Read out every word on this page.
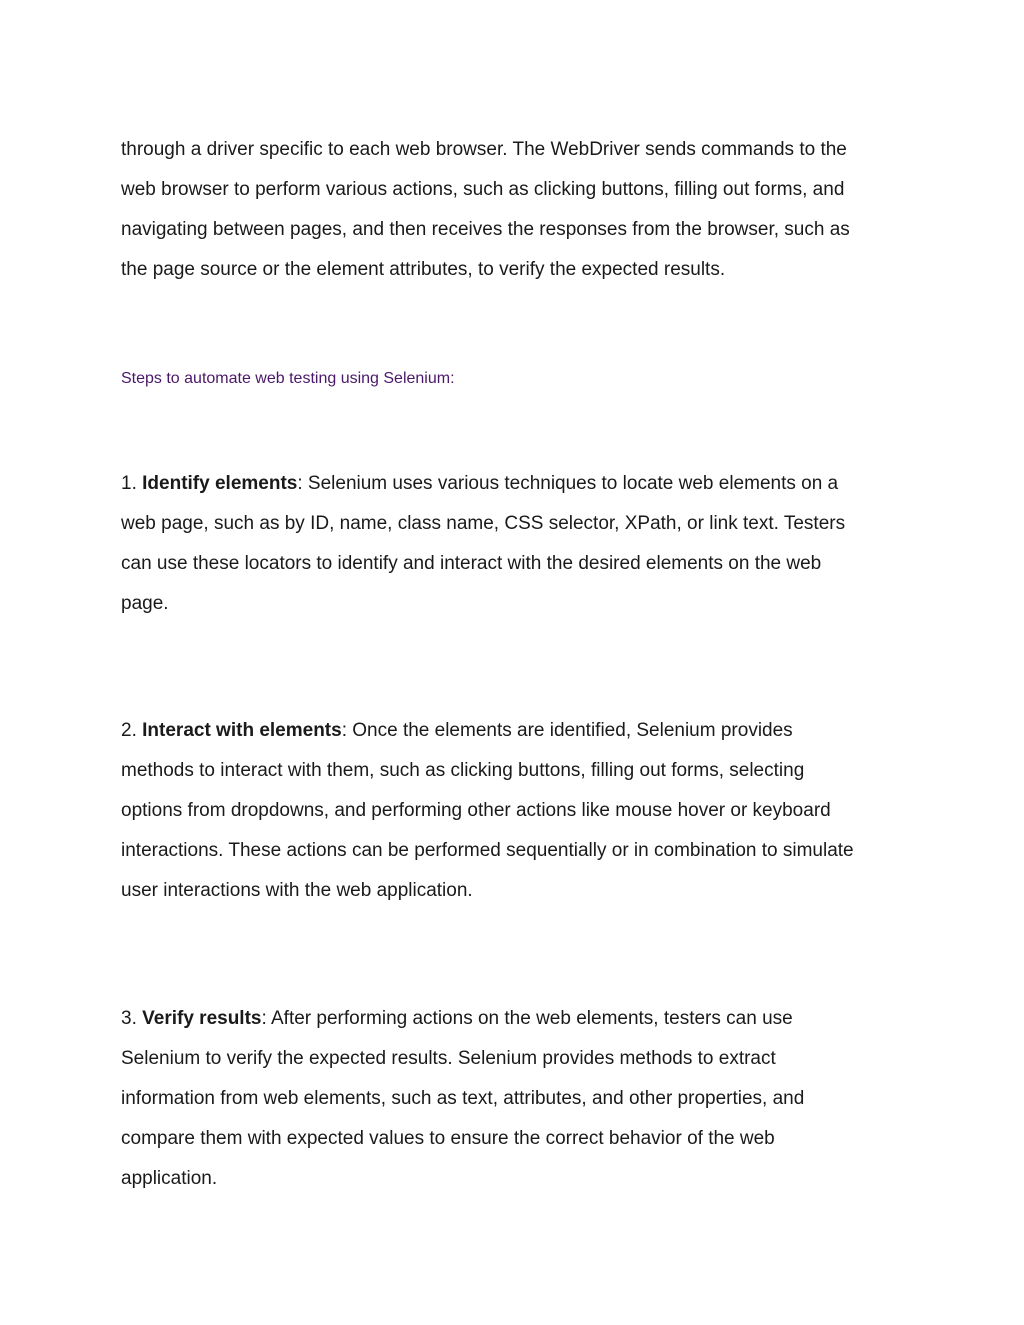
through a driver specific to each web browser. The WebDriver sends commands to the
web browser to perform various actions, such as clicking buttons, filling out forms, and
navigating between pages, and then receives the responses from the browser, such as
the page source or the element attributes, to verify the expected results.
Steps to automate web testing using Selenium:
1. Identify elements: Selenium uses various techniques to locate web elements on a
web page, such as by ID, name, class name, CSS selector, XPath, or link text. Testers
can use these locators to identify and interact with the desired elements on the web
page.
2. Interact with elements: Once the elements are identified, Selenium provides
methods to interact with them, such as clicking buttons, filling out forms, selecting
options from dropdowns, and performing other actions like mouse hover or keyboard
interactions. These actions can be performed sequentially or in combination to simulate
user interactions with the web application.
3. Verify results: After performing actions on the web elements, testers can use
Selenium to verify the expected results. Selenium provides methods to extract
information from web elements, such as text, attributes, and other properties, and
compare them with expected values to ensure the correct behavior of the web
application.
